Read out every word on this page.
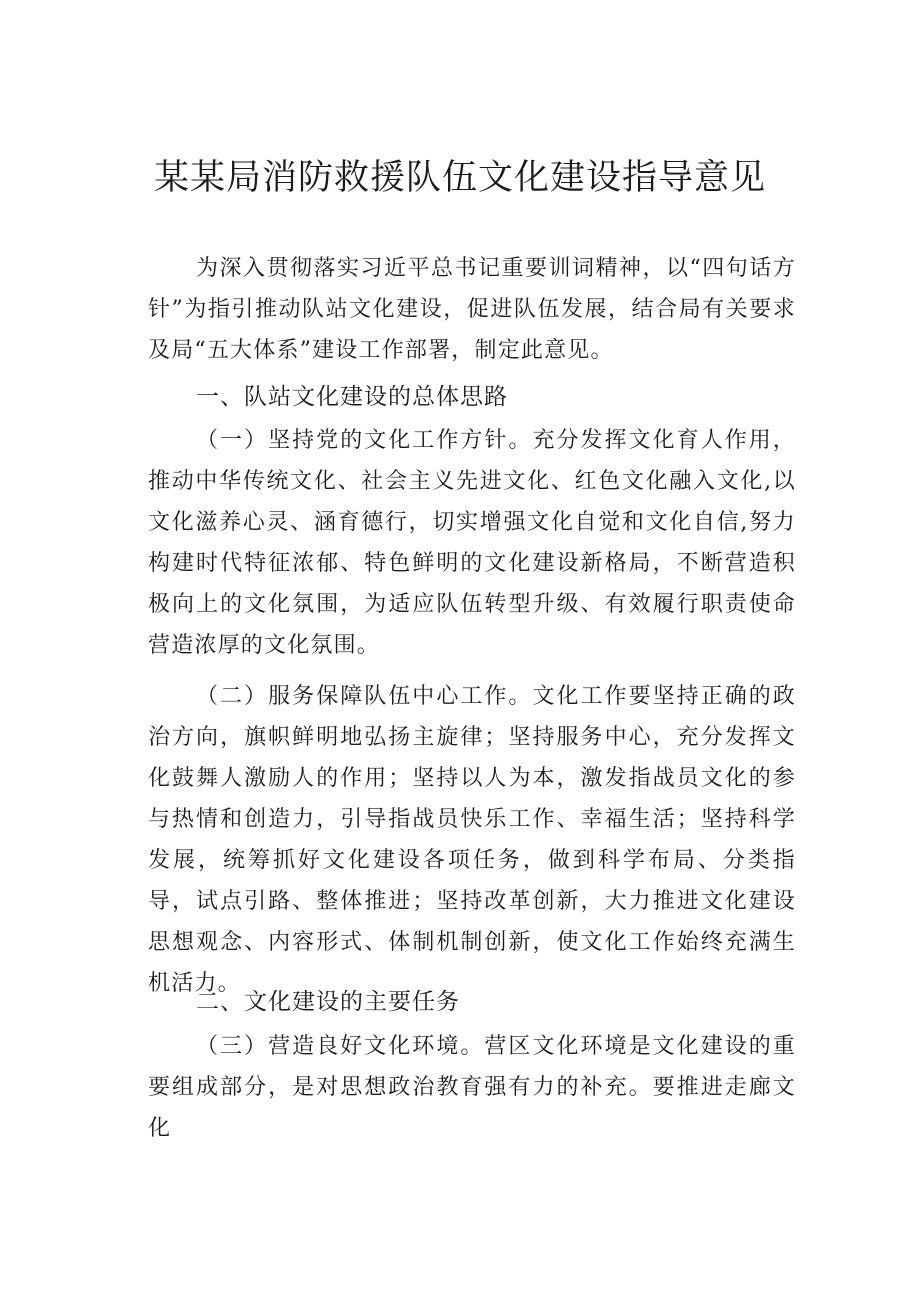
某某局消防救援队伍文化建设指导意见
为深入贯彻落实习近平总书记重要训词精神，以“四句话方针”为指引推动队站文化建设，促进队伍发展，结合局有关要求及局“五大体系”建设工作部署，制定此意见。
一、队站文化建设的总体思路
（一）坚持党的文化工作方针。充分发挥文化育人作用，推动中华传统文化、社会主义先进文化、红色文化融入文化,以文化滋养心灵、涵育德行，切实增强文化自觉和文化自信,努力构建时代特征浓郁、特色鲜明的文化建设新格局，不断营造积极向上的文化氛围，为适应队伍转型升级、有效履行职责使命营造浓厚的文化氛围。
（二）服务保障队伍中心工作。文化工作要坚持正确的政治方向，旗帜鲜明地弘扬主旋律；坚持服务中心，充分发挥文化鼓舞人激励人的作用；坚持以人为本，激发指战员文化的参与热情和创造力，引导指战员快乐工作、幸福生活；坚持科学发展，统筹抓好文化建设各项任务，做到科学布局、分类指导，试点引路、整体推进；坚持改革创新，大力推进文化建设思想观念、内容形式、体制机制创新，使文化工作始终充满生机活力。
二、文化建设的主要任务
（三）营造良好文化环境。营区文化环境是文化建设的重要组成部分，是对思想政治教育强有力的补充。要推进走廊文化
